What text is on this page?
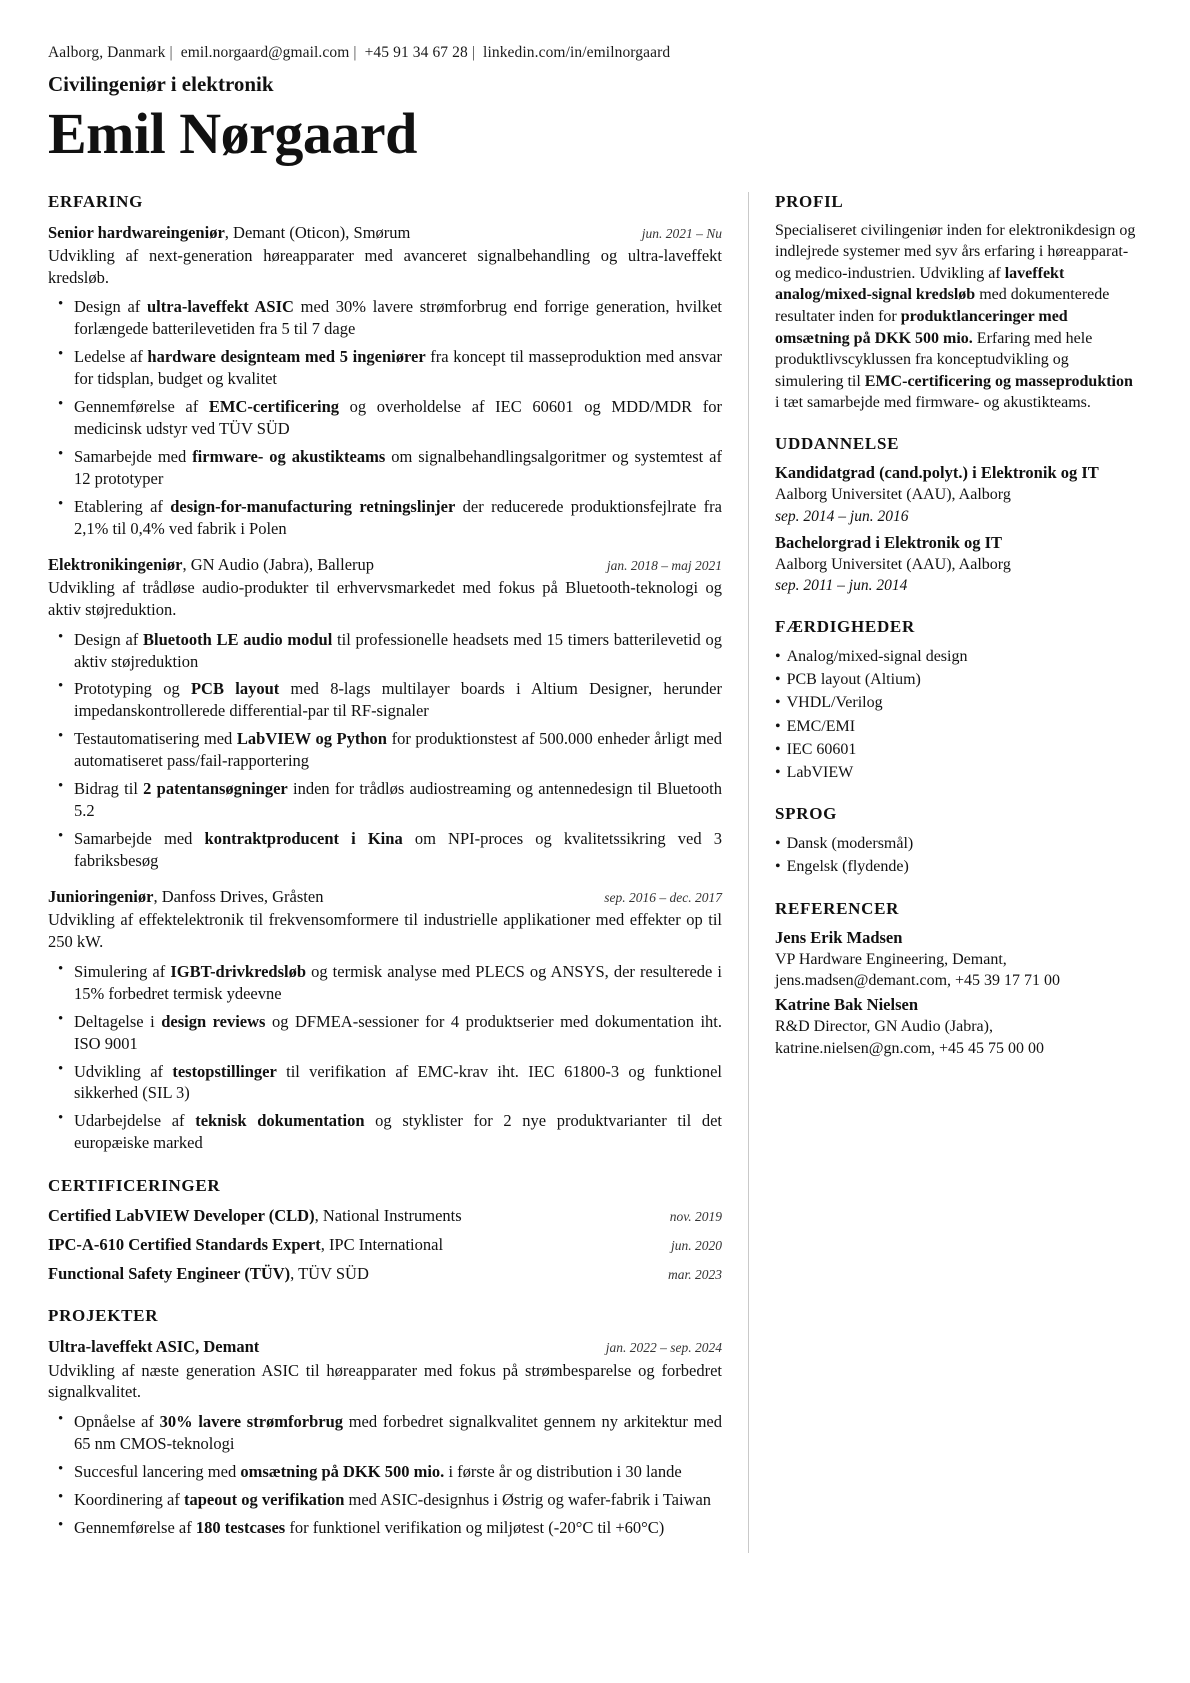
Aalborg, Danmark | emil.norgaard@gmail.com | +45 91 34 67 28 | linkedin.com/in/emilnorgaard
Civilingeniør i elektronik
Emil Nørgaard
ERFARING
Senior hardwareingeniør, Demant (Oticon), Smørum	jun. 2021 – Nu
Udvikling af next-generation høreapparater med avanceret signalbehandling og ultra-laveffekt kredsløb.
• Design af ultra-laveffekt ASIC med 30% lavere strømforbrug end forrige generation, hvilket forlængede batterilevetiden fra 5 til 7 dage
• Ledelse af hardware designteam med 5 ingeniører fra koncept til masseproduktion med ansvar for tidsplan, budget og kvalitet
• Gennemførelse af EMC-certificering og overholdelse af IEC 60601 og MDD/MDR for medicinsk udstyr ved TÜV SÜD
• Samarbejde med firmware- og akustikteams om signalbehandlingsalgoritmer og systemtest af 12 prototyper
• Etablering af design-for-manufacturing retningslinjer der reducerede produktionsfejlrate fra 2,1% til 0,4% ved fabrik i Polen
Elektronikingeniør, GN Audio (Jabra), Ballerup	jan. 2018 – maj 2021
Udvikling af trådløse audio-produkter til erhvervsmarkedet med fokus på Bluetooth-teknologi og aktiv støjreduktion.
• Design af Bluetooth LE audio modul til professionelle headsets med 15 timers batterilevetid og aktiv støjreduktion
• Prototyping og PCB layout med 8-lags multilayer boards i Altium Designer, herunder impedanskontrollerede differential-par til RF-signaler
• Testautomatisering med LabVIEW og Python for produktionstest af 500.000 enheder årligt med automatiseret pass/fail-rapportering
• Bidrag til 2 patentansøgninger inden for trådløs audiostreaming og antennedesign til Bluetooth 5.2
• Samarbejde med kontraktproducent i Kina om NPI-proces og kvalitetssikring ved 3 fabriksbesøg
Junioringeniør, Danfoss Drives, Gråsten	sep. 2016 – dec. 2017
Udvikling af effektelektronik til frekvensomformere til industrielle applikationer med effekter op til 250 kW.
• Simulering af IGBT-drivkredsløb og termisk analyse med PLECS og ANSYS, der resulterede i 15% forbedret termisk ydeevne
• Deltagelse i design reviews og DFMEA-sessioner for 4 produktserier med dokumentation iht. ISO 9001
• Udvikling af testopstillinger til verifikation af EMC-krav iht. IEC 61800-3 og funktionel sikkerhed (SIL 3)
• Udarbejdelse af teknisk dokumentation og styklister for 2 nye produktvarianter til det europæiske marked
CERTIFICERINGER
Certified LabVIEW Developer (CLD), National Instruments	nov. 2019
IPC-A-610 Certified Standards Expert, IPC International	jun. 2020
Functional Safety Engineer (TÜV), TÜV SÜD	mar. 2023
PROJEKTER
Ultra-laveffekt ASIC, Demant	jan. 2022 – sep. 2024
Udvikling af næste generation ASIC til høreapparater med fokus på strømbesparelse og forbedret signalkvalitet.
• Opnåelse af 30% lavere strømforbrug med forbedret signalkvalitet gennem ny arkitektur med 65 nm CMOS-teknologi
• Succesful lancering med omsætning på DKK 500 mio. i første år og distribution i 30 lande
• Koordinering af tapeout og verifikation med ASIC-designhus i Østrig og wafer-fabrik i Taiwan
• Gennemførelse af 180 testcases for funktionel verifikation og miljøtest (-20°C til +60°C)
PROFIL
Specialiseret civilingeniør inden for elektronikdesign og indlejrede systemer med syv års erfaring i høreapparat- og medico-industrien. Udvikling af laveffekt analog/mixed-signal kredsløb med dokumenterede resultater inden for produktlanceringer med omsætning på DKK 500 mio. Erfaring med hele produktlivscyklussen fra konceptudvikling og simulering til EMC-certificering og masseproduktion i tæt samarbejde med firmware- og akustikteams.
UDDANNELSE
Kandidatgrad (cand.polyt.) i Elektronik og IT
Aalborg Universitet (AAU), Aalborg
sep. 2014 – jun. 2016
Bachelorgrad i Elektronik og IT
Aalborg Universitet (AAU), Aalborg
sep. 2011 – jun. 2014
FÆRDIGHEDER
• Analog/mixed-signal design
• PCB layout (Altium)
• VHDL/Verilog
• EMC/EMI
• IEC 60601
• LabVIEW
SPROG
• Dansk (modersmål)
• Engelsk (flydende)
REFERENCER
Jens Erik Madsen
VP Hardware Engineering, Demant,
jens.madsen@demant.com, +45 39 17 71 00
Katrine Bak Nielsen
R&D Director, GN Audio (Jabra),
katrine.nielsen@gn.com, +45 45 75 00 00
